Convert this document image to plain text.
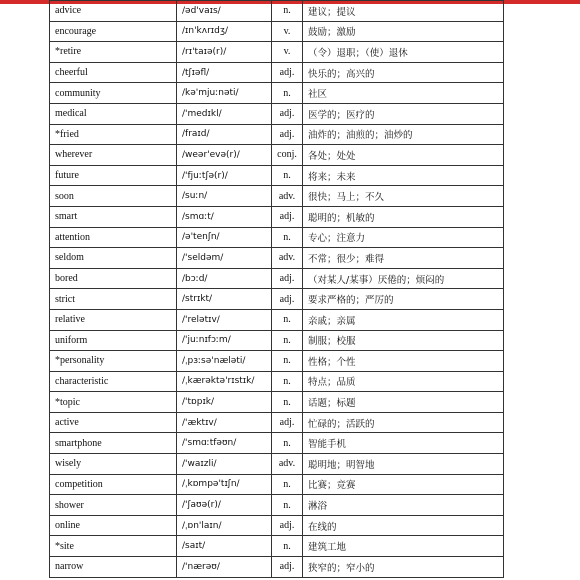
advice	/əd'vaɪs/	n.	建议；提议
encourage	/ɪn'kʌrɪdʒ/	v.	鼓励；激励
*retire	/rɪ'taɪə(r)/	v.	（令）退职；（使）退休
cheerful	/tʃɪəfl/	adj.	快乐的；高兴的
community	/kə'mjuːnəti/	n.	社区
medical	/'medɪkl/	adj.	医学的；医疗的
*fried	/fraɪd/	adj.	油炸的；油煎的；油炒的
wherever	/weər'evə(r)/	conj.	各处；处处
future	/'fjuːtʃə(r)/	n.	将来；未来
soon	/suːn/	adv.	很快；马上；不久
smart	/smɑːt/	adj.	聪明的；机敏的
attention	/ə'tenʃn/	n.	专心；注意力
seldom	/'seldəm/	adv.	不常；很少；难得
bored	/bɔːd/	adj.	（对某人/某事）厌倦的；烦闷的
strict	/strɪkt/	adj.	要求严格的；严厉的
relative	/'relətɪv/	n.	亲戚；亲属
uniform	/'juːnɪfɔːm/	n.	制服；校服
*personality	/ˌpɜːsə'næləti/	n.	性格；个性
characteristic	/ˌkærəktə'rɪstɪk/	n.	特点；品质
*topic	/'tɒpɪk/	n.	话题；标题
active	/'æktɪv/	adj.	忙碌的；活跃的
smartphone	/'smɑːtfəʊn/	n.	智能手机
wisely	/'waɪzli/	adv.	聪明地；明智地
competition	/ˌkɒmpə'tɪʃn/	n.	比赛；竞赛
shower	/'ʃaʊə(r)/	n.	淋浴
online	/ˌɒn'laɪn/	adj.	在线的
*site	/saɪt/	n.	建筑工地
narrow	/'nærəʊ/	adj.	狭窄的；窄小的
